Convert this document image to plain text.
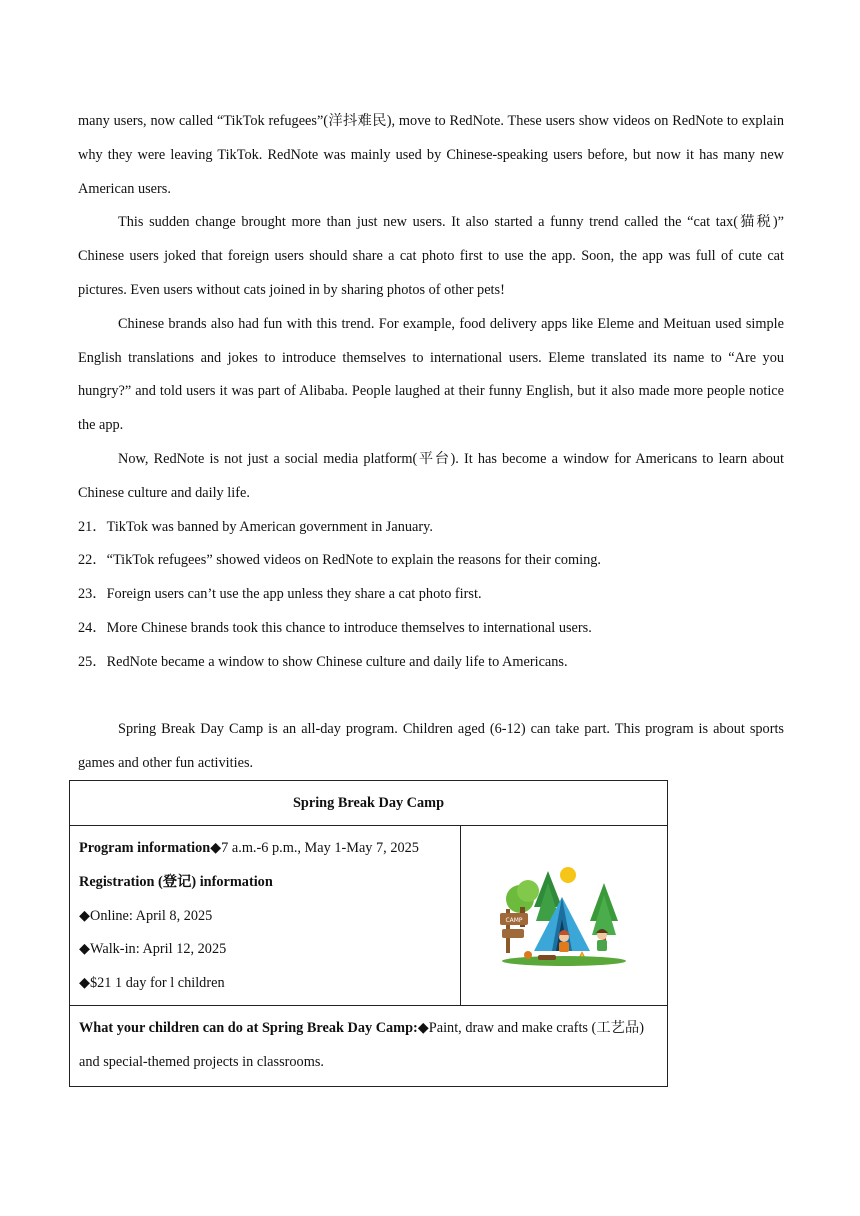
many users, now called “TikTok refugees”(洋抖难民), move to RedNote. These users show videos on RedNote to explain why they were leaving TikTok. RedNote was mainly used by Chinese-speaking users before, but now it has many new American users.

This sudden change brought more than just new users. It also started a funny trend called the “cat tax(猫税)” Chinese users joked that foreign users should share a cat photo first to use the app. Soon, the app was full of cute cat pictures. Even users without cats joined in by sharing photos of other pets!

Chinese brands also had fun with this trend. For example, food delivery apps like Eleme and Meituan used simple English translations and jokes to introduce themselves to international users. Eleme translated its name to “Are you hungry?” and told users it was part of Alibaba. People laughed at their funny English, but it also made more people notice the app.

Now, RedNote is not just a social media platform(平台). It has become a window for Americans to learn about Chinese culture and daily life.

21．TikTok was banned by American government in January.
22．“TikTok refugees” showed videos on RedNote to explain the reasons for their coming.
23．Foreign users can’t use the app unless they share a cat photo first.
24．More Chinese brands took this chance to introduce themselves to international users.
25．RedNote became a window to show Chinese culture and daily life to Americans.

Spring Break Day Camp is an all-day program. Children aged (6-12) can take part. This program is about sports games and other fun activities.

Spring Break Day Camp

Program information◆7 a.m.-6 p.m., May 1-May 7, 2025
Registration (登记) information
◆Online: April 8, 2025
◆Walk-in: April 12, 2025
◆$21 1 day for l children

CAMP

What your children can do at Spring Break Day Camp:◆Paint, draw and make crafts (工艺品) and special-themed projects in classrooms.
